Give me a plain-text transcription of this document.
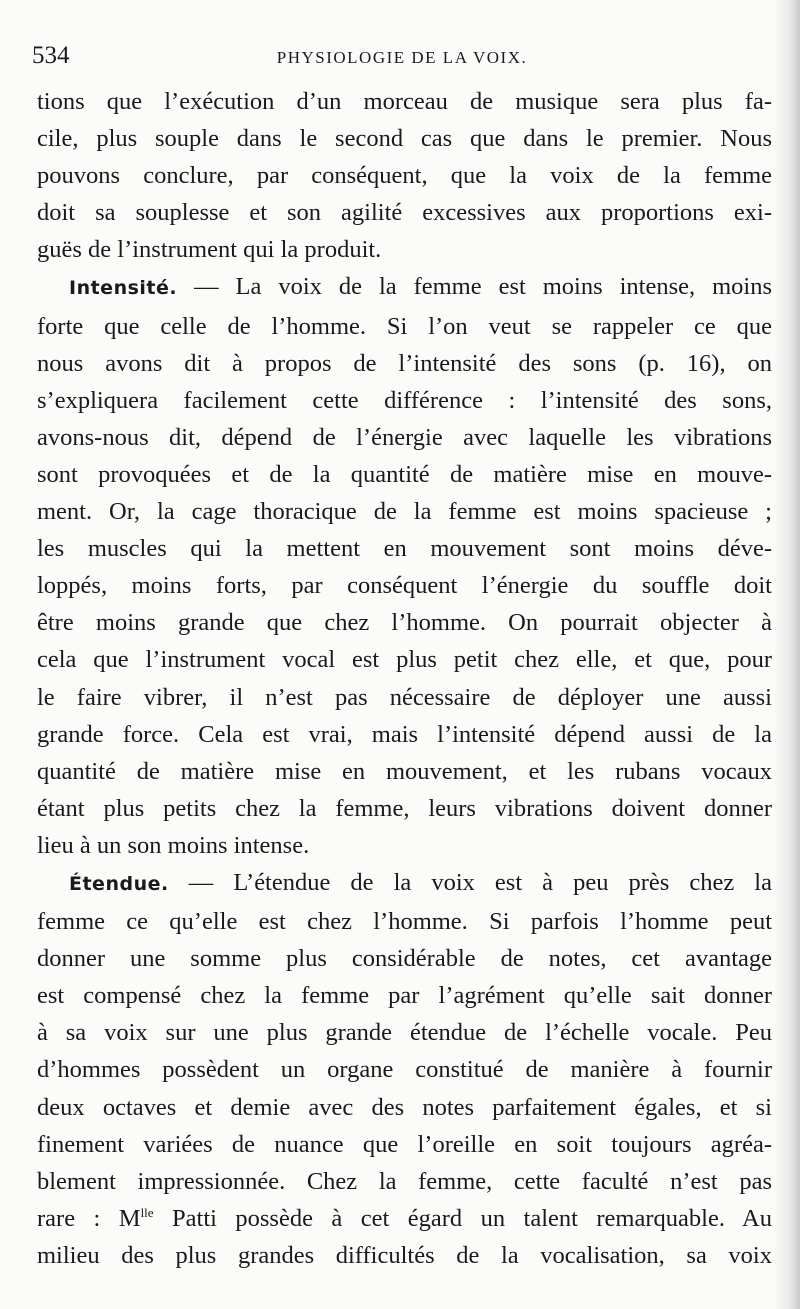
534	PHYSIOLOGIE DE LA VOIX.
tions que l’exécution d’un morceau de musique sera plus fa-
cile, plus souple dans le second cas que dans le premier. Nous
pouvons conclure, par conséquent, que la voix de la femme
doit sa souplesse et son agilité excessives aux proportions exi-
guës de l’instrument qui la produit.
Intensité. — La voix de la femme est moins intense, moins
forte que celle de l’homme. Si l’on veut se rappeler ce que
nous avons dit à propos de l’intensité des sons (p. 16), on
s’expliquera facilement cette différence : l’intensité des sons,
avons-nous dit, dépend de l’énergie avec laquelle les vibrations
sont provoquées et de la quantité de matière mise en mouve-
ment. Or, la cage thoracique de la femme est moins spacieuse ;
les muscles qui la mettent en mouvement sont moins déve-
loppés, moins forts, par conséquent l’énergie du souffle doit
être moins grande que chez l’homme. On pourrait objecter à
cela que l’instrument vocal est plus petit chez elle, et que, pour
le faire vibrer, il n’est pas nécessaire de déployer une aussi
grande force. Cela est vrai, mais l’intensité dépend aussi de la
quantité de matière mise en mouvement, et les rubans vocaux
étant plus petits chez la femme, leurs vibrations doivent donner
lieu à un son moins intense.
Étendue. — L’étendue de la voix est à peu près chez la
femme ce qu’elle est chez l’homme. Si parfois l’homme peut
donner une somme plus considérable de notes, cet avantage
est compensé chez la femme par l’agrément qu’elle sait donner
à sa voix sur une plus grande étendue de l’échelle vocale. Peu
d’hommes possèdent un organe constitué de manière à fournir
deux octaves et demie avec des notes parfaitement égales, et si
finement variées de nuance que l’oreille en soit toujours agréa-
blement impressionnée. Chez la femme, cette faculté n’est pas
rare : $M^{lle}$ Patti possède à cet égard un talent remarquable. Au
milieu des plus grandes difficultés de la vocalisation, sa voix
